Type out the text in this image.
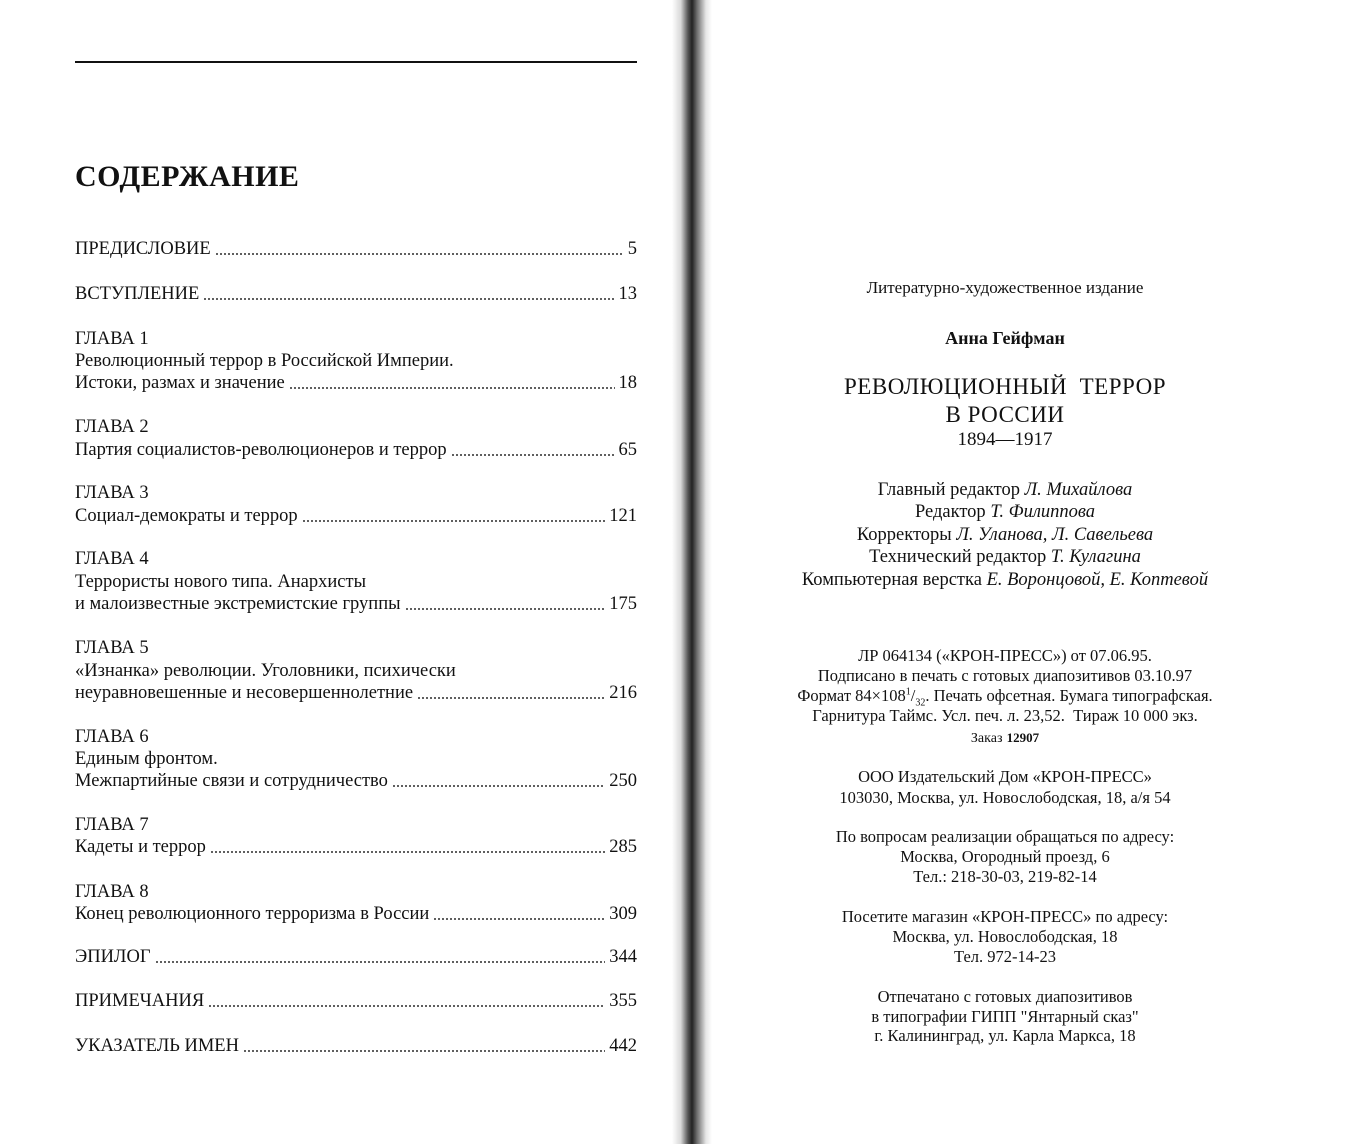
СОДЕРЖАНИЕ
ПРЕДИСЛОВИЕ	5
ВСТУПЛЕНИЕ	13
ГЛАВА 1
Революционный террор в Российской Империи.
Истоки, размах и значение	18
ГЛАВА 2
Партия социалистов-революционеров и террор	65
ГЛАВА 3
Социал-демократы и террор	121
ГЛАВА 4
Террористы нового типа. Анархисты
и малоизвестные экстремистские группы	175
ГЛАВА 5
«Изнанка» революции. Уголовники, психически
неуравновешенные и несовершеннолетние	216
ГЛАВА 6
Единым фронтом.
Межпартийные связи и сотрудничество	250
ГЛАВА 7
Кадеты и террор	285
ГЛАВА 8
Конец революционного терроризма в России	309
ЭПИЛОГ	344
ПРИМЕЧАНИЯ	355
УКАЗАТЕЛЬ ИМЕН	442
Литературно-художественное издание
Анна Гейфман
РЕВОЛЮЦИОННЫЙ  ТЕРРОР
В РОССИИ
1894—1917
Главный редактор Л. Михайлова
Редактор Т. Филиппова
Корректоры Л. Уланова, Л. Савельева
Технический редактор Т. Кулагина
Компьютерная верстка Е. Воронцовой, Е. Коптевой
ЛР 064134 («КРОН-ПРЕСС») от 07.06.95.
Подписано в печать с готовых диапозитивов 03.10.97
Формат $84\times 108^1/_{32}$. Печать офсетная. Бумага типографская.
Гарнитура Таймс. Усл. печ. л. 23,52.  Тираж 10 000 экз.
Заказ 12907
ООО Издательский Дом «КРОН-ПРЕСС»
103030, Москва, ул. Новослободская, 18, а/я 54
По вопросам реализации обращаться по адресу:
Москва, Огородный проезд, 6
Тел.: 218-30-03, 219-82-14
Посетите магазин «КРОН-ПРЕСС» по адресу:
Москва, ул. Новослободская, 18
Тел. 972-14-23
Отпечатано с готовых диапозитивов
в типографии ГИПП "Янтарный сказ"
г. Калининград, ул. Карла Маркса, 18
